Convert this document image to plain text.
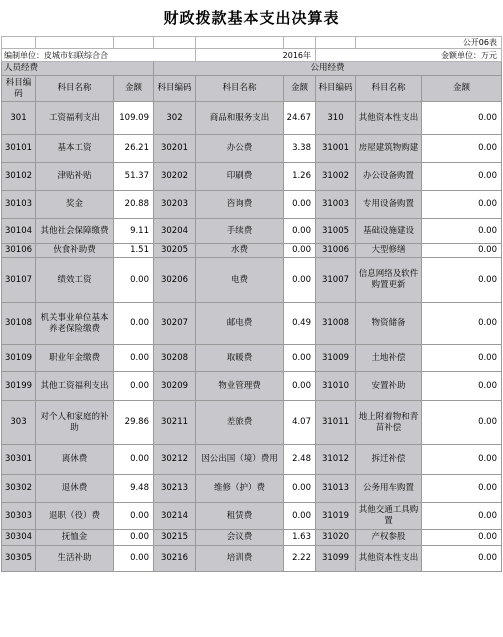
财政拨款基本支出决算表
							公开06表	
编制单位：皮城市妇联综合合				2016年		金额单位：万元		
人员经费			公用经费					
科目编码	科目名称	金额	科目编码	科目名称	金额	科目编码	科目名称	金额
301	工资福利支出	109.09	302	商品和服务支出	24.67	310	其他资本性支出	0.00
30101	基本工资	26.21	30201	办公费	3.38	31001	房屋建筑物购建	0.00
30102	津贴补贴	51.37	30202	印刷费	1.26	31002	办公设备购置	0.00
30103	奖金	20.88	30203	咨询费	0.00	31003	专用设备购置	0.00
30104	其他社会保障缴费	9.11	30204	手续费	0.00	31005	基础设施建设	0.00
30106	伙食补助费	1.51	30205	水费	0.00	31006	大型修缮	0.00
30107	绩效工资	0.00	30206	电费	0.00	31007	信息网络及软件购置更新	0.00
30108	机关事业单位基本养老保险缴费	0.00	30207	邮电费	0.49	31008	物资储备	0.00
30109	职业年金缴费	0.00	30208	取暖费	0.00	31009	土地补偿	0.00
30199	其他工资福利支出	0.00	30209	物业管理费	0.00	31010	安置补助	0.00
303	对个人和家庭的补助	29.86	30211	差旅费	4.07	31011	地上附着物和青苗补偿	0.00
30301	离休费	0.00	30212	因公出国（境）费用	2.48	31012	拆迁补偿	0.00
30302	退休费	9.48	30213	维修（护）费	0.00	31013	公务用车购置	0.00
30303	退职（役）费	0.00	30214	租赁费	0.00	31019	其他交通工具购置	0.00
30304	抚恤金	0.00	30215	会议费	1.63	31020	产权参股	0.00
30305	生活补助	0.00	30216	培训费	2.22	31099	其他资本性支出	0.00
